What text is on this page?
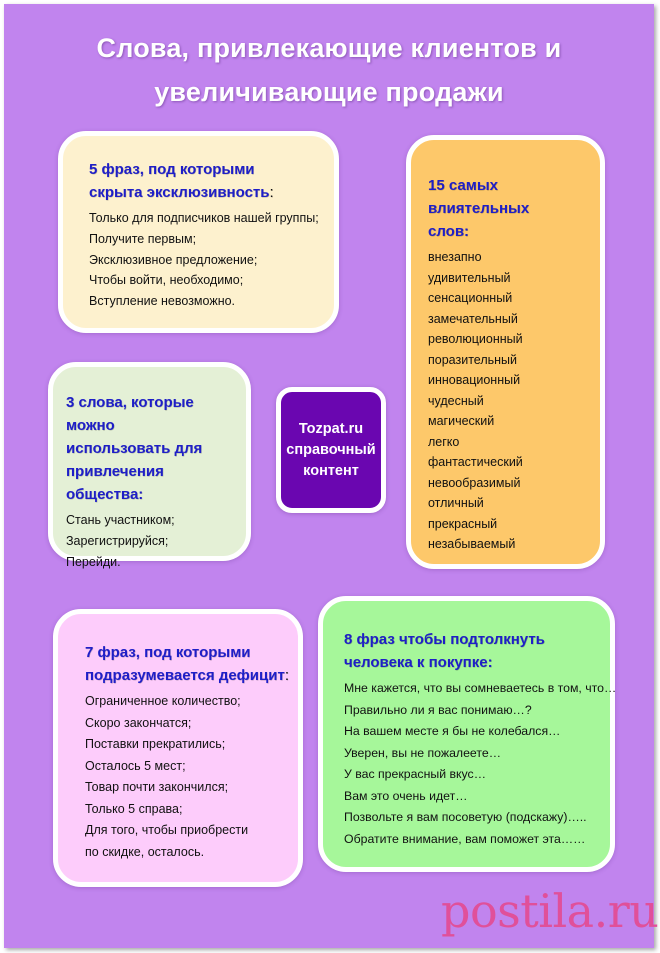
Слова, привлекающие клиентов и
увеличивающие продажи
5 фраз, под которыми
скрыта эксклюзивность:
Только для подписчиков нашей группы;
Получите первым;
Эксклюзивное предложение;
Чтобы войти, необходимо;
Вступление невозможно.
15 самых влиятельных
слов:
внезапно
удивительный
сенсационный
замечательный
революционный
поразительный
инновационный
чудесный
магический
легко
фантастический
невообразимый
отличный
прекрасный
незабываемый
3 слова, которые можно
использовать для
привлечения общества:
Стань участником;
Зарегистрируйся;
Перейди.
Tozpat.ru
справочный
контент
7 фраз, под которыми
подразумевается дефицит:
Ограниченное количество;
Скоро закончатся;
Поставки прекратились;
Осталось 5 мест;
Товар почти закончился;
Только 5 справа;
Для того, чтобы приобрести
по скидке, осталось.
8 фраз чтобы подтолкнуть
человека к покупке:
Мне кажется, что вы сомневаетесь в том, что…
Правильно ли я вас понимаю…?
На вашем месте я бы не колебался…
Уверен, вы не пожалеете…
У вас прекрасный вкус…
Вам это очень идет…
Позвольте я вам посоветую (подскажу)…..
Обратите внимание, вам поможет эта……
postila.ru
